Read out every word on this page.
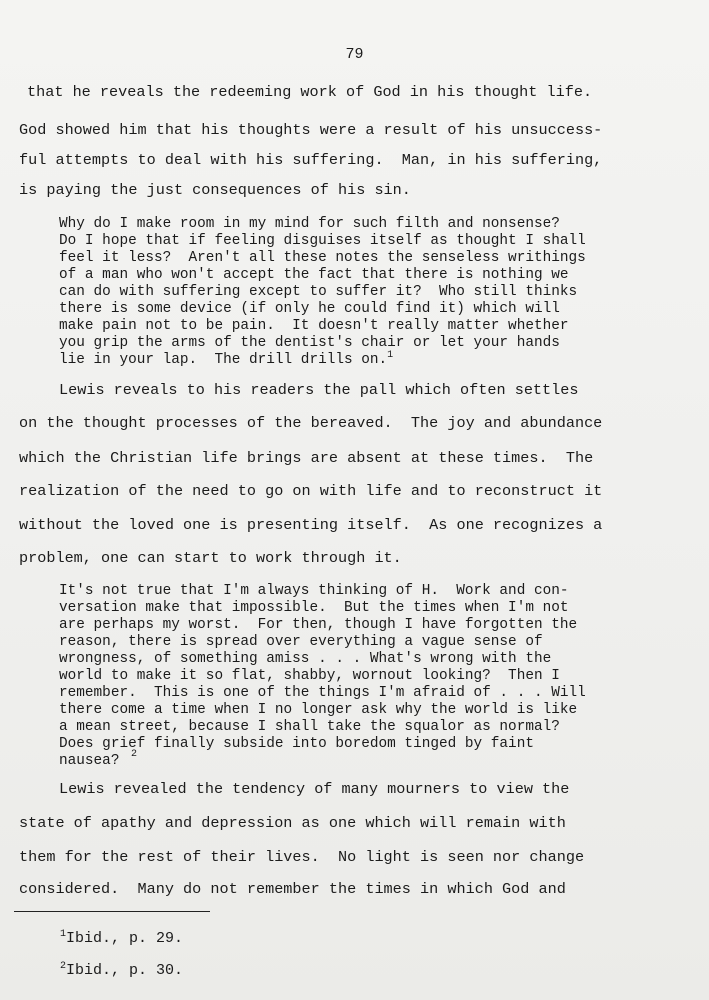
79
that he reveals the redeeming work of God in his thought life.
God showed him that his thoughts were a result of his unsuccess-
ful attempts to deal with his suffering.  Man, in his suffering,
is paying the just consequences of his sin.
Why do I make room in my mind for such filth and nonsense?
Do I hope that if feeling disguises itself as thought I shall
feel it less?  Aren't all these notes the senseless writhings
of a man who won't accept the fact that there is nothing we
can do with suffering except to suffer it?  Who still thinks
there is some device (if only he could find it) which will
make pain not to be pain.  It doesn't really matter whether
you grip the arms of the dentist's chair or let your hands
lie in your lap.  The drill drills on.$^1$
Lewis reveals to his readers the pall which often settles
on the thought processes of the bereaved.  The joy and abundance
which the Christian life brings are absent at these times.  The
realization of the need to go on with life and to reconstruct it
without the loved one is presenting itself.  As one recognizes a
problem, one can start to work through it.
It's not true that I'm always thinking of H.  Work and con-
versation make that impossible.  But the times when I'm not
are perhaps my worst.  For then, though I have forgotten the
reason, there is spread over everything a vague sense of
wrongness, of something amiss . . . What's wrong with the
world to make it so flat, shabby, wornout looking?  Then I
remember.  This is one of the things I'm afraid of . . . Will
there come a time when I no longer ask why the world is like
a mean street, because I shall take the squalor as normal?
Does grief finally subside into boredom tinged by faint
nausea?
Lewis revealed the tendency of many mourners to view the
state of apathy and depression as one which will remain with
them for the rest of their lives.  No light is seen nor change
considered.  Many do not remember the times in which God and
$^1$Ibid., p. 29.
$^2$Ibid., p. 30.
$^2$
